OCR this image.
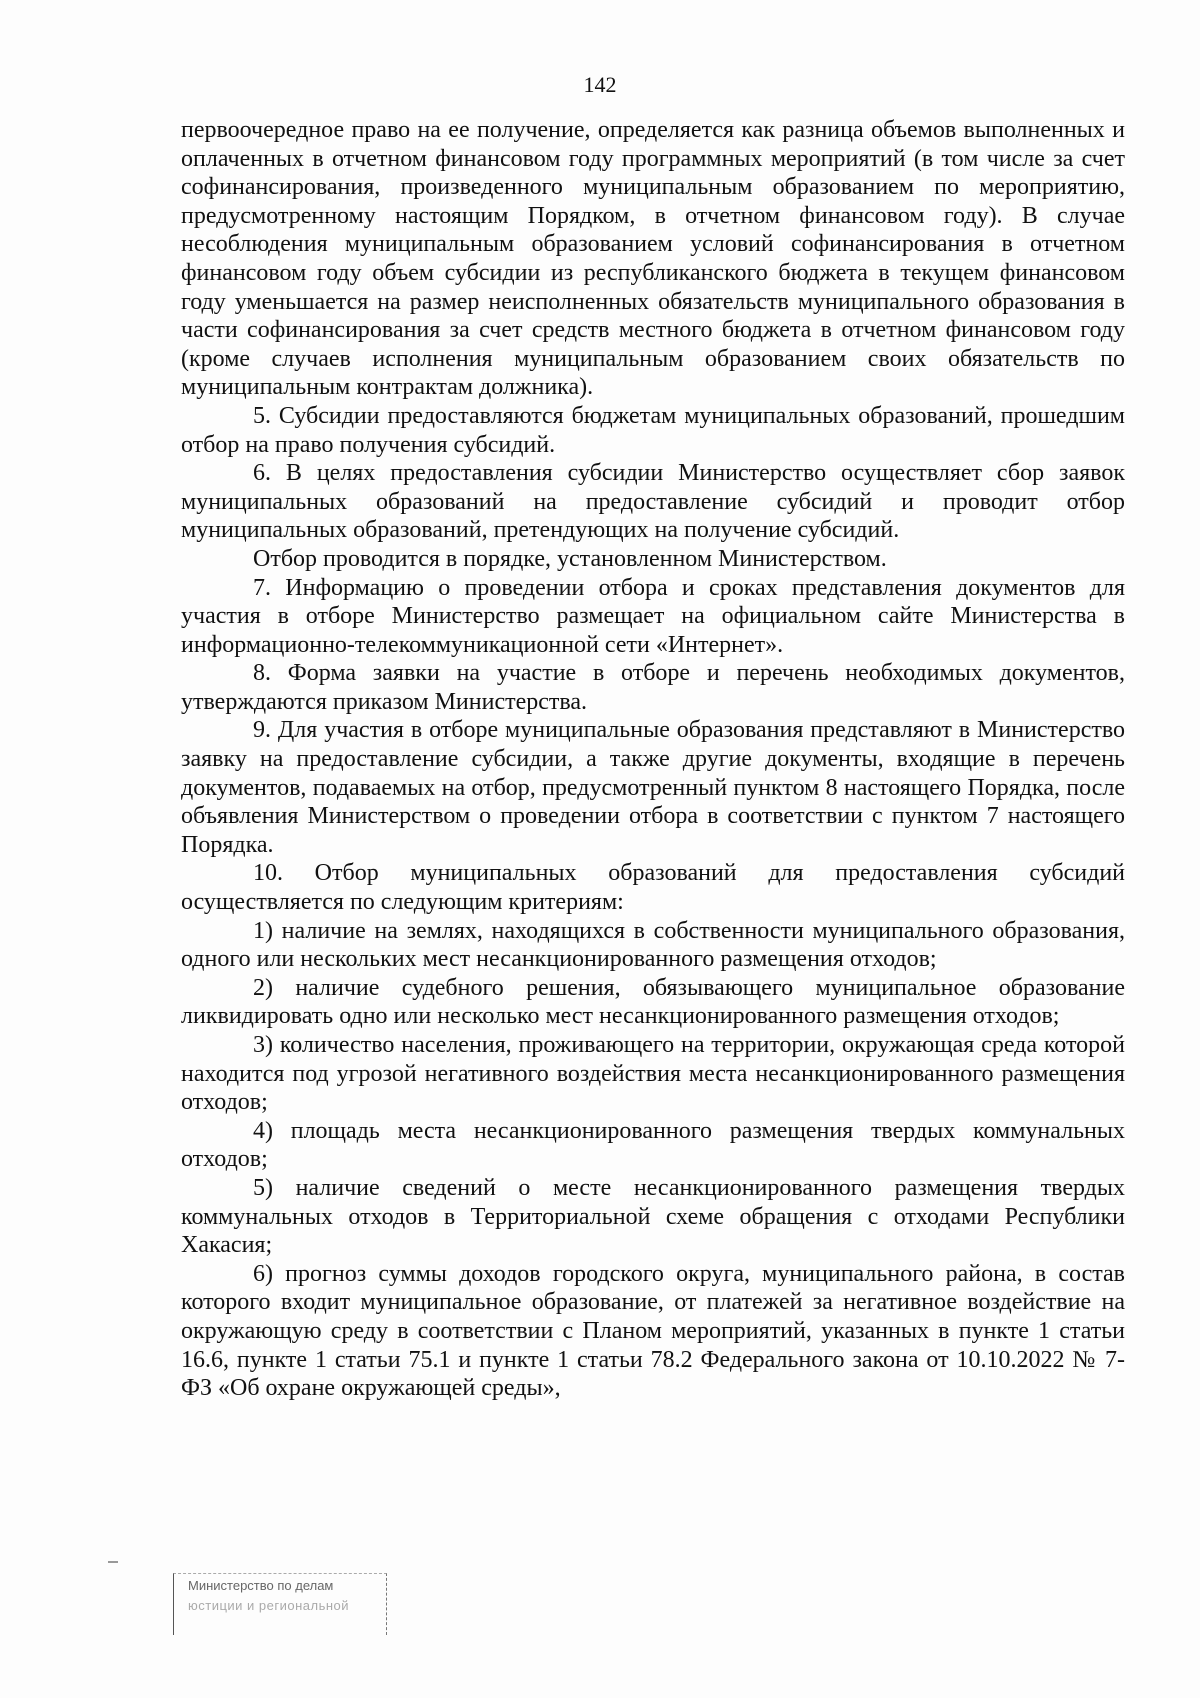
142

первоочередное право на ее получение, определяется как разница объемов выполненных и оплаченных в отчетном финансовом году программных мероприятий (в том числе за счет софинансирования, произведенного муниципальным образованием по мероприятию, предусмотренному настоящим Порядком, в отчетном финансовом году). В случае несоблюдения муниципальным образованием условий софинансирования в отчетном финансовом году объем субсидии из республиканского бюджета в текущем финансовом году уменьшается на размер неисполненных обязательств муниципального образования в части софинансирования за счет средств местного бюджета в отчетном финансовом году (кроме случаев исполнения муниципальным образованием своих обязательств по муниципальным контрактам должника).

5. Субсидии предоставляются бюджетам муниципальных образований, прошедшим отбор на право получения субсидий.

6. В целях предоставления субсидии Министерство осуществляет сбор заявок муниципальных образований на предоставление субсидий и проводит отбор муниципальных образований, претендующих на получение субсидий.

Отбор проводится в порядке, установленном Министерством.

7. Информацию о проведении отбора и сроках представления документов для участия в отборе Министерство размещает на официальном сайте Министерства в информационно-телекоммуникационной сети «Интернет».

8. Форма заявки на участие в отборе и перечень необходимых документов, утверждаются приказом Министерства.

9. Для участия в отборе муниципальные образования представляют в Министерство заявку на предоставление субсидии, а также другие документы, входящие в перечень документов, подаваемых на отбор, предусмотренный пунктом 8 настоящего Порядка, после объявления Министерством о проведении отбора в соответствии с пунктом 7 настоящего Порядка.

10. Отбор муниципальных образований для предоставления субсидий осуществляется по следующим критериям:

1) наличие на землях, находящихся в собственности муниципального образования, одного или нескольких мест несанкционированного размещения отходов;

2) наличие судебного решения, обязывающего муниципальное образование ликвидировать одно или несколько мест несанкционированного размещения отходов;

3) количество населения, проживающего на территории, окружающая среда которой находится под угрозой негативного воздействия места несанкционированного размещения отходов;

4) площадь места несанкционированного размещения твердых коммунальных отходов;

5) наличие сведений о месте несанкционированного размещения твердых коммунальных отходов в Территориальной схеме обращения с отходами Республики Хакасия;

6) прогноз суммы доходов городского округа, муниципального района, в состав которого входит муниципальное образование, от платежей за негативное воздействие на окружающую среду в соответствии с Планом мероприятий, указанных в пункте 1 статьи 16.6, пункте 1 статьи 75.1 и пункте 1 статьи 78.2 Федерального закона от 10.10.2022 № 7-ФЗ «Об охране окружающей среды»,

Министерство по делам
юстиции и региональной
